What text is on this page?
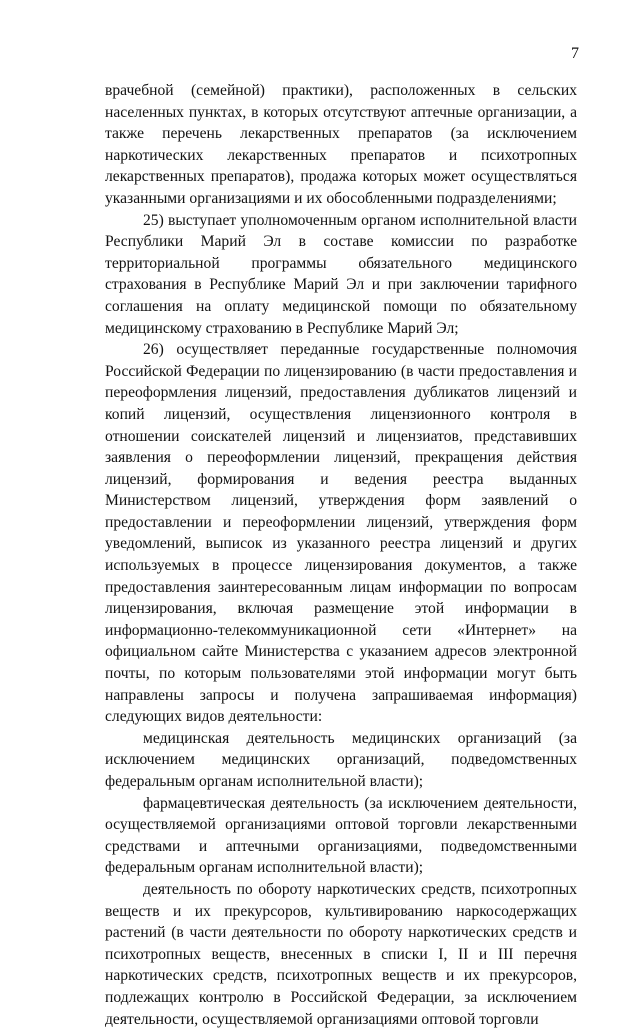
7

врачебной (семейной) практики), расположенных в сельских населенных пунктах, в которых отсутствуют аптечные организации, а также перечень лекарственных препаратов (за исключением наркотических лекарственных препаратов и психотропных лекарственных препаратов), продажа которых может осуществляться указанными организациями и их обособленными подразделениями;

25) выступает уполномоченным органом исполнительной власти Республики Марий Эл в составе комиссии по разработке территориальной программы обязательного медицинского страхования в Республике Марий Эл и при заключении тарифного соглашения на оплату медицинской помощи по обязательному медицинскому страхованию в Республике Марий Эл;

26) осуществляет переданные государственные полномочия Российской Федерации по лицензированию (в части предоставления и переоформления лицензий, предоставления дубликатов лицензий и копий лицензий, осуществления лицензионного контроля в отношении соискателей лицензий и лицензиатов, представивших заявления о переоформлении лицензий, прекращения действия лицензий, формирования и ведения реестра выданных Министерством лицензий, утверждения форм заявлений о предоставлении и переоформлении лицензий, утверждения форм уведомлений, выписок из указанного реестра лицензий и других используемых в процессе лицензирования документов, а также предоставления заинтересованным лицам информации по вопросам лицензирования, включая размещение этой информации в информационно-телекоммуникационной сети «Интернет» на официальном сайте Министерства с указанием адресов электронной почты, по которым пользователями этой информации могут быть направлены запросы и получена запрашиваемая информация) следующих видов деятельности:

медицинская деятельность медицинских организаций (за исключением медицинских организаций, подведомственных федеральным органам исполнительной власти);

фармацевтическая деятельность (за исключением деятельности, осуществляемой организациями оптовой торговли лекарственными средствами и аптечными организациями, подведомственными федеральным органам исполнительной власти);

деятельность по обороту наркотических средств, психотропных веществ и их прекурсоров, культивированию наркосодержащих растений (в части деятельности по обороту наркотических средств и психотропных веществ, внесенных в списки I, II и III перечня наркотических средств, психотропных веществ и их прекурсоров, подлежащих контролю в Российской Федерации, за исключением деятельности, осуществляемой организациями оптовой торговли
